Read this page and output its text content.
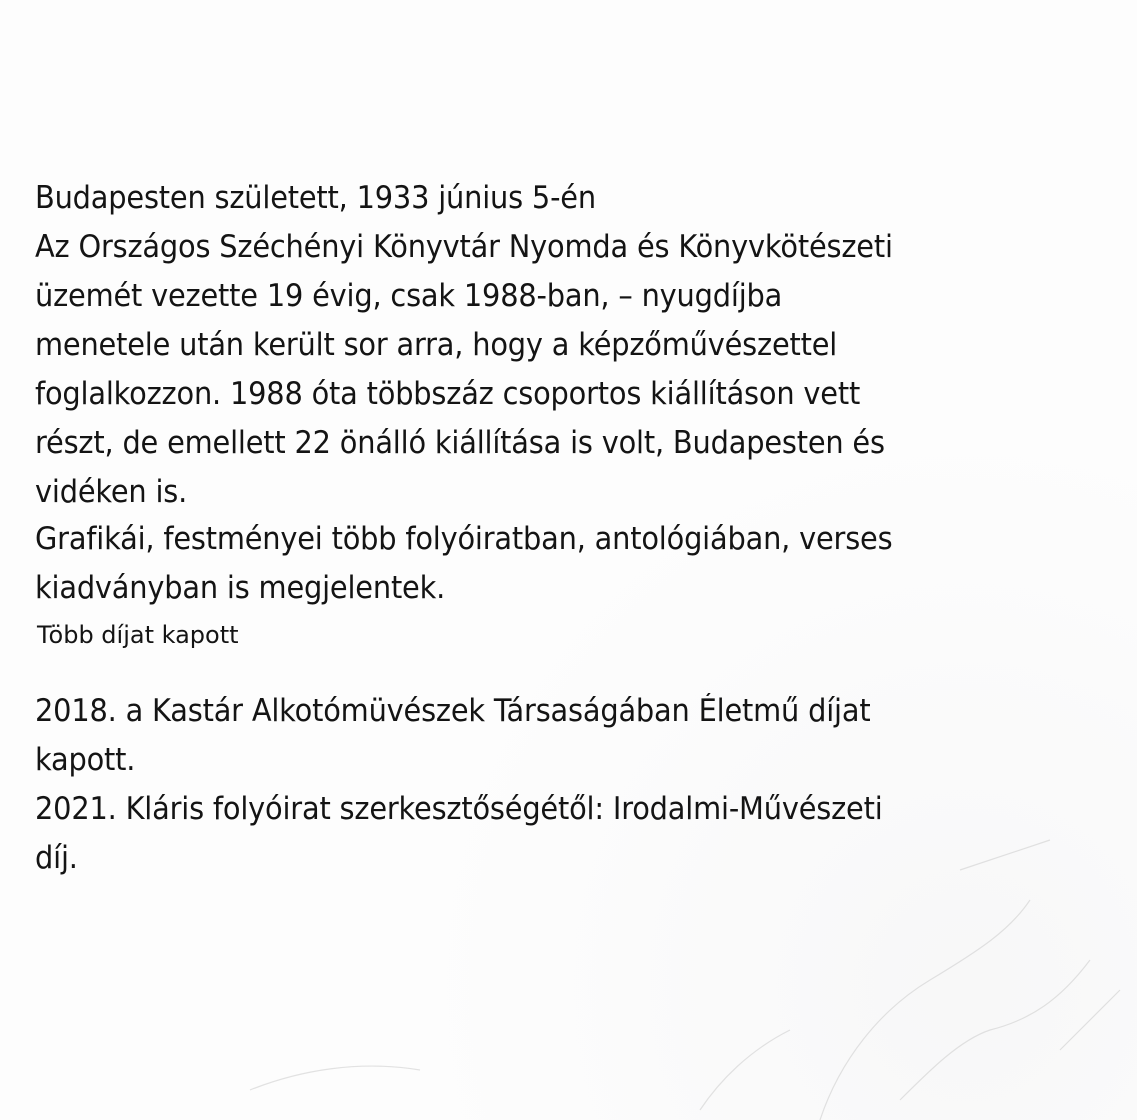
Budapesten született, 1933 június 5-én
Az Országos Széchényi Könyvtár Nyomda és Könyvkötészeti
üzemét vezette 19 évig, csak 1988-ban, – nyugdíjba
menetele után került sor arra, hogy a képzőművészettel
foglalkozzon. 1988 óta többszáz csoportos kiállításon vett
részt, de emellett 22 önálló kiállítása is volt, Budapesten és
vidéken is.
Grafikái, festményei több folyóiratban, antológiában, verses
kiadványban is megjelentek.
Több díjat kapott
2018. a Kastár Alkotómüvészek Társaságában Életmű díjat
kapott.
2021. Kláris folyóirat szerkesztőségétől: Irodalmi-Művészeti
díj.
